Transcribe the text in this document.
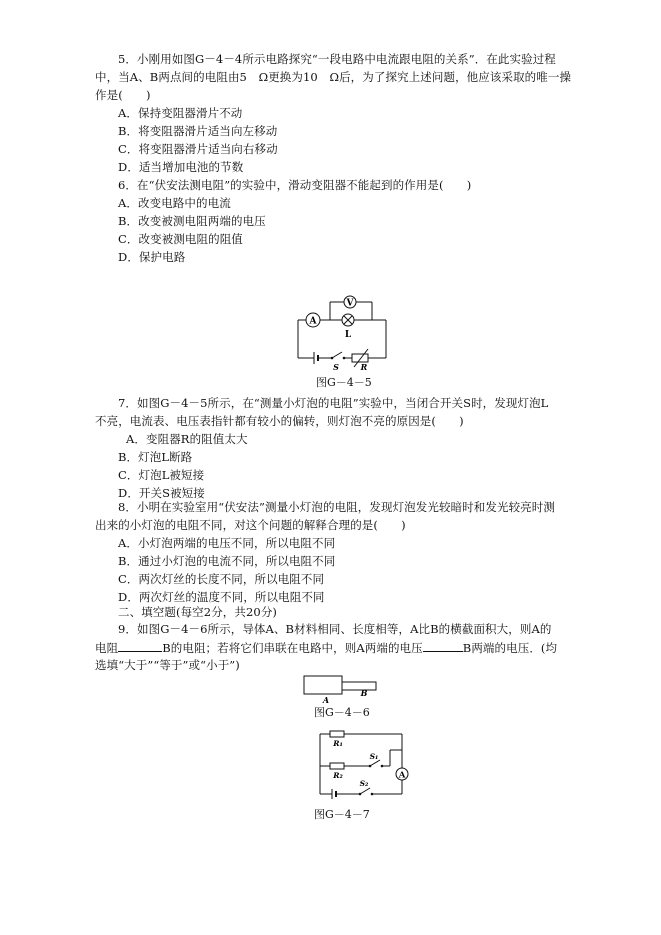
5．小刚用如图G－4－4所示电路探究“一段电路中电流跟电阻的关系”．在此实验过程
中，当A、B两点间的电阻由5　Ω更换为10　Ω后，为了探究上述问题，他应该采取的唯一操
作是(　　)
A．保持变阻器滑片不动
B．将变阻器滑片适当向左移动
C．将变阻器滑片适当向右移动
D．适当增加电池的节数
6．在“伏安法测电阻”的实验中，滑动变阻器不能起到的作用是(　　)
A．改变电路中的电流
B．改变被测电阻两端的电压
C．改变被测电阻的阻值
D．保护电路
A
V
L
S	R
图G－4－5
7．如图G－4－5所示，在“测量小灯泡的电阻”实验中，当闭合开关S时，发现灯泡L
不亮，电流表、电压表指针都有较小的偏转，则灯泡不亮的原因是(　　)
A．变阻器R的阻值太大
B．灯泡L断路
C．灯泡L被短接
D．开关S被短接
8．小明在实验室用“伏安法”测量小灯泡的电阻，发现灯泡发光较暗时和发光较亮时测
出来的小灯泡的电阻不同，对这个问题的解释合理的是(　　)
A．小灯泡两端的电压不同，所以电阻不同
B．通过小灯泡的电流不同，所以电阻不同
C．两次灯丝的长度不同，所以电阻不同
D．两次灯丝的温度不同，所以电阻不同
二、填空题(每空2分，共20分)
9．如图G－4－6所示，导体A、B材料相同、长度相等，A比B的横截面积大，则A的
电阻	B的电阻；若将它们串联在电路中，则A两端的电压	B两端的电压．(均
选填“大于”“等于”或“小于”)
A
B
图G－4－6
R₁
R₂
S₁
S₂
A
图G－4－7
